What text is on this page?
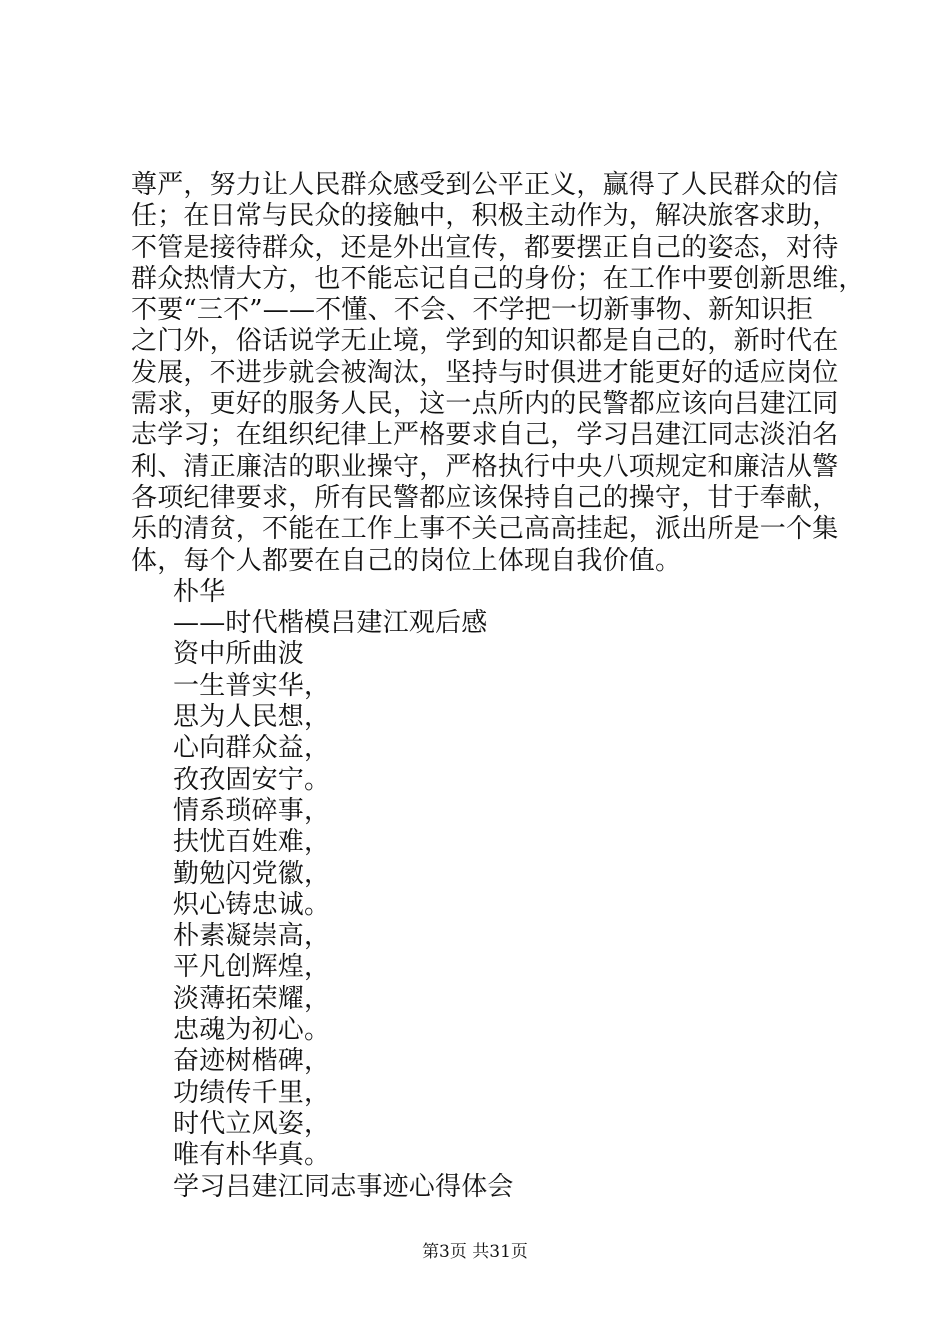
尊严，努力让人民群众感受到公平正义，赢得了人民群众的信
任；在日常与民众的接触中，积极主动作为，解决旅客求助，
不管是接待群众，还是外出宣传，都要摆正自己的姿态，对待
群众热情大方，也不能忘记自己的身份；在工作中要创新思维，
不要“三不”——不懂、不会、不学把一切新事物、新知识拒
之门外，俗话说学无止境，学到的知识都是自己的，新时代在
发展，不进步就会被淘汰，坚持与时俱进才能更好的适应岗位
需求，更好的服务人民，这一点所内的民警都应该向吕建江同
志学习；在组织纪律上严格要求自己，学习吕建江同志淡泊名
利、清正廉洁的职业操守，严格执行中央八项规定和廉洁从警
各项纪律要求，所有民警都应该保持自己的操守，甘于奉献，
乐的清贫，不能在工作上事不关己高高挂起，派出所是一个集
体，每个人都要在自己的岗位上体现自我价值。
朴华
——时代楷模吕建江观后感
资中所曲波
一生普实华，
思为人民想，
心向群众益，
孜孜固安宁。
情系琐碎事，
扶忧百姓难，
勤勉闪党徽，
炽心铸忠诚。
朴素凝崇高，
平凡创辉煌，
淡薄拓荣耀，
忠魂为初心。
奋迹树楷碑，
功绩传千里，
时代立风姿，
唯有朴华真。
学习吕建江同志事迹心得体会
第3页 共31页
